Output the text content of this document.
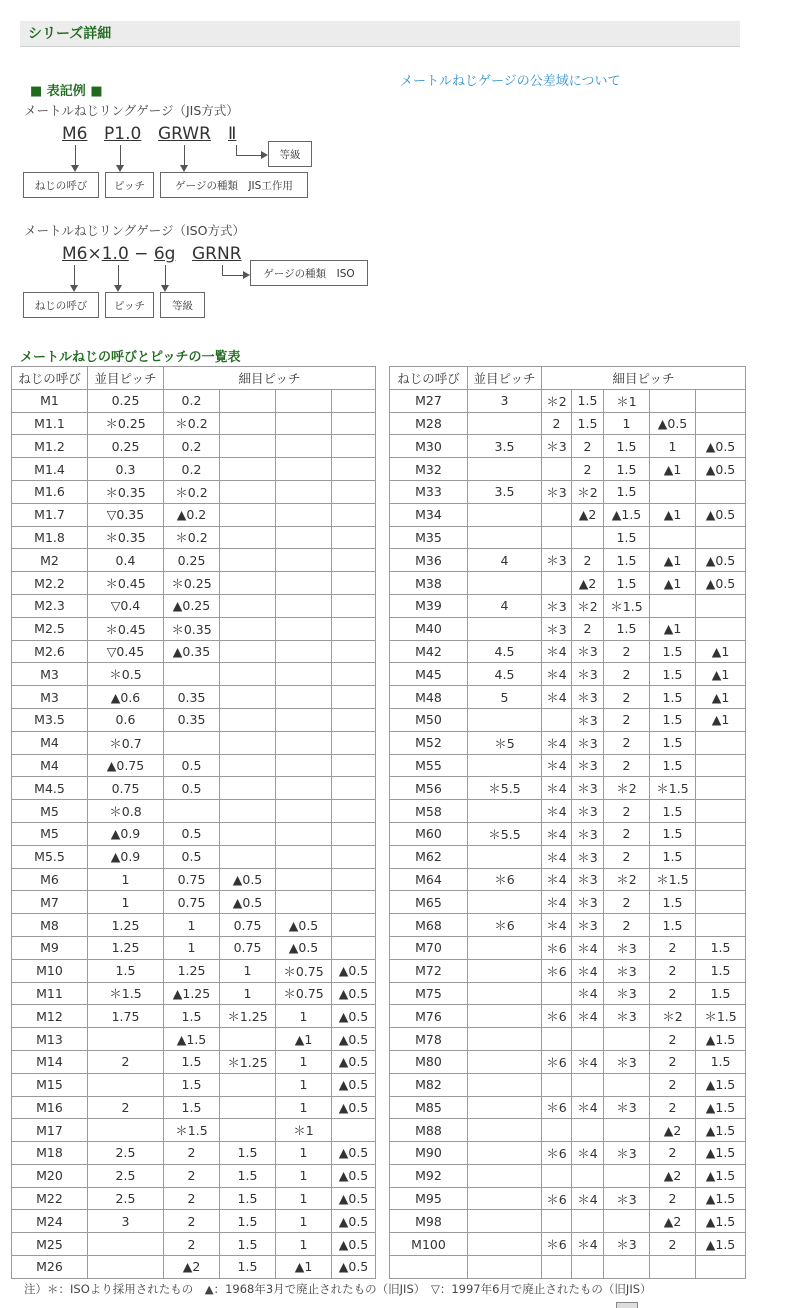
シリーズ詳細
■ 表記例 ■
メートルねじゲージの公差域について
メートルねじリングゲージ（JIS方式）
M6 P1.0 GRWR Ⅱ
等級
ねじの呼び	ピッチ	ゲージの種類　JIS工作用
メートルねじリングゲージ（ISO方式）
M6×1.0 − 6g GRNR
ゲージの種類　ISO
ねじの呼び	ピッチ	等級
メートルねじの呼びとピッチの一覧表
ねじの呼び	並目ピッチ	細目ピッチ			
M1	0.25	0.2			
M1.1	＊0.25	＊0.2			
M1.2	0.25	0.2			
M1.4	0.3	0.2			
M1.6	＊0.35	＊0.2			
M1.7	▽0.35	▲0.2			
M1.8	＊0.35	＊0.2			
M2	0.4	0.25			
M2.2	＊0.45	＊0.25			
M2.3	▽0.4	▲0.25			
M2.5	＊0.45	＊0.35			
M2.6	▽0.45	▲0.35			
M3	＊0.5				
M3	▲0.6	0.35			
M3.5	0.6	0.35			
M4	＊0.7				
M4	▲0.75	0.5			
M4.5	0.75	0.5			
M5	＊0.8				
M5	▲0.9	0.5			
M5.5	▲0.9	0.5			
M6	1	0.75	▲0.5		
M7	1	0.75	▲0.5		
M8	1.25	1	0.75	▲0.5	
M9	1.25	1	0.75	▲0.5	
M10	1.5	1.25	1	＊0.75	▲0.5
M11	＊1.5	▲1.25	1	＊0.75	▲0.5
M12	1.75	1.5	＊1.25	1	▲0.5
M13		▲1.5		▲1	▲0.5
M14	2	1.5	＊1.25	1	▲0.5
M15		1.5		1	▲0.5
M16	2	1.5		1	▲0.5
M17		＊1.5		＊1	
M18	2.5	2	1.5	1	▲0.5
M20	2.5	2	1.5	1	▲0.5
M22	2.5	2	1.5	1	▲0.5
M24	3	2	1.5	1	▲0.5
M25		2	1.5	1	▲0.5
M26		▲2	1.5	▲1	▲0.5
ねじの呼び	並目ピッチ	細目ピッチ				
M27	3	＊2	1.5	＊1		
M28		2	1.5	1	▲0.5	
M30	3.5	＊3	2	1.5	1	▲0.5
M32			2	1.5	▲1	▲0.5
M33	3.5	＊3	＊2	1.5		
M34			▲2	▲1.5	▲1	▲0.5
M35				1.5		
M36	4	＊3	2	1.5	▲1	▲0.5
M38			▲2	1.5	▲1	▲0.5
M39	4	＊3	＊2	＊1.5		
M40		＊3	2	1.5	▲1	
M42	4.5	＊4	＊3	2	1.5	▲1
M45	4.5	＊4	＊3	2	1.5	▲1
M48	5	＊4	＊3	2	1.5	▲1
M50			＊3	2	1.5	▲1
M52	＊5	＊4	＊3	2	1.5	
M55		＊4	＊3	2	1.5	
M56	＊5.5	＊4	＊3	＊2	＊1.5	
M58		＊4	＊3	2	1.5	
M60	＊5.5	＊4	＊3	2	1.5	
M62		＊4	＊3	2	1.5	
M64	＊6	＊4	＊3	＊2	＊1.5	
M65		＊4	＊3	2	1.5	
M68	＊6	＊4	＊3	2	1.5	
M70		＊6	＊4	＊3	2	1.5
M72		＊6	＊4	＊3	2	1.5
M75			＊4	＊3	2	1.5
M76		＊6	＊4	＊3	＊2	＊1.5
M78					2	▲1.5
M80		＊6	＊4	＊3	2	1.5
M82					2	▲1.5
M85		＊6	＊4	＊3	2	▲1.5
M88					▲2	▲1.5
M90		＊6	＊4	＊3	2	▲1.5
M92					▲2	▲1.5
M95		＊6	＊4	＊3	2	▲1.5
M98					▲2	▲1.5
M100		＊6	＊4	＊3	2	▲1.5

注）＊：ISOより採用されたもの　▲：1968年3月で廃止されたもの（旧JIS）　▽：1997年6月で廃止されたもの（旧JIS）
